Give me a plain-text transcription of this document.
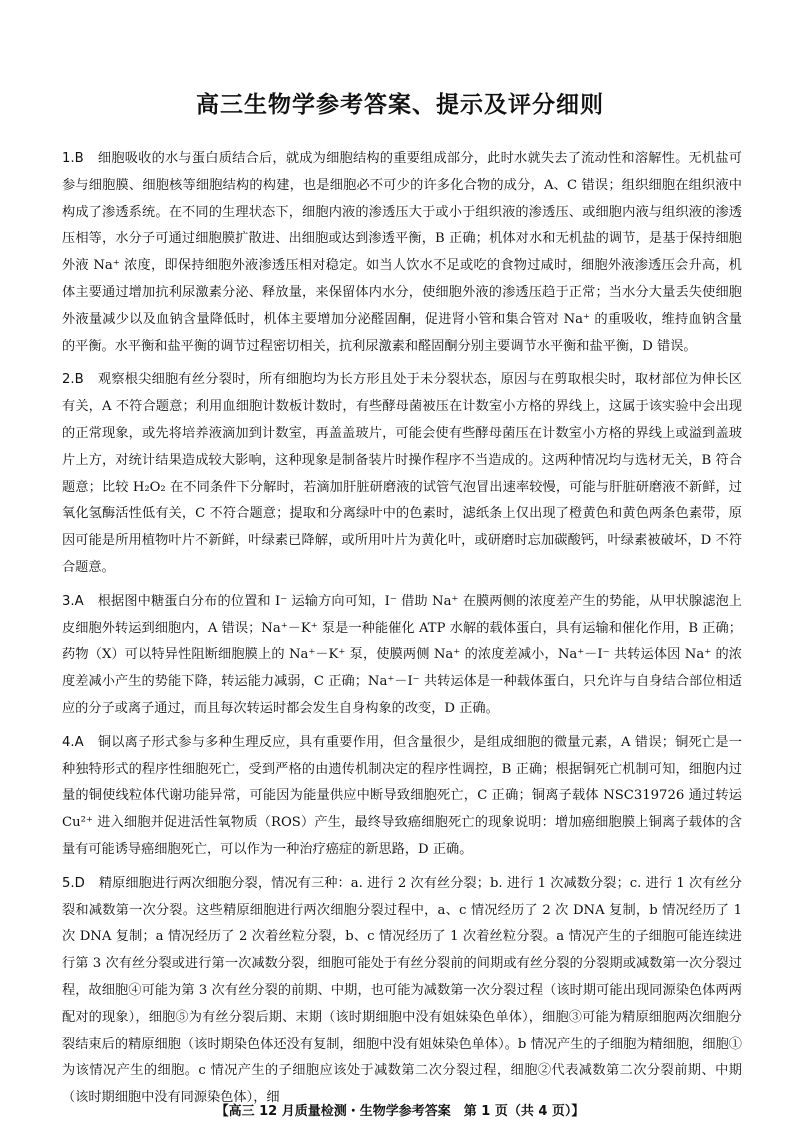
高三生物学参考答案、提示及评分细则

1.B 细胞吸收的水与蛋白质结合后，就成为细胞结构的重要组成部分，此时水就失去了流动性和溶解性。无机盐可参与细胞膜、细胞核等细胞结构的构建，也是细胞必不可少的许多化合物的成分，A、C 错误；组织细胞在组织液中构成了渗透系统。在不同的生理状态下，细胞内液的渗透压大于或小于组织液的渗透压、或细胞内液与组织液的渗透压相等，水分子可通过细胞膜扩散进、出细胞或达到渗透平衡，B 正确；机体对水和无机盐的调节，是基于保持细胞外液 Na⁺ 浓度，即保持细胞外液渗透压相对稳定。如当人饮水不足或吃的食物过咸时，细胞外液渗透压会升高，机体主要通过增加抗利尿激素分泌、释放量，来保留体内水分，使细胞外液的渗透压趋于正常；当水分大量丢失使细胞外液量减少以及血钠含量降低时，机体主要增加分泌醛固酮，促进肾小管和集合管对 Na⁺ 的重吸收，维持血钠含量的平衡。水平衡和盐平衡的调节过程密切相关，抗利尿激素和醛固酮分别主要调节水平衡和盐平衡，D 错误。

2.B 观察根尖细胞有丝分裂时，所有细胞均为长方形且处于未分裂状态，原因与在剪取根尖时，取材部位为伸长区有关，A 不符合题意；利用血细胞计数板计数时，有些酵母菌被压在计数室小方格的界线上，这属于该实验中会出现的正常现象，或先将培养液滴加到计数室，再盖盖玻片，可能会使有些酵母菌压在计数室小方格的界线上或溢到盖玻片上方，对统计结果造成较大影响，这种现象是制备装片时操作程序不当造成的。这两种情况均与选材无关，B 符合题意；比较 H₂O₂ 在不同条件下分解时，若滴加肝脏研磨液的试管气泡冒出速率较慢，可能与肝脏研磨液不新鲜，过氧化氢酶活性低有关，C 不符合题意；提取和分离绿叶中的色素时，滤纸条上仅出现了橙黄色和黄色两条色素带，原因可能是所用植物叶片不新鲜，叶绿素已降解，或所用叶片为黄化叶，或研磨时忘加碳酸钙，叶绿素被破坏，D 不符合题意。

3.A 根据图中糖蛋白分布的位置和 I⁻ 运输方向可知，I⁻ 借助 Na⁺ 在膜两侧的浓度差产生的势能，从甲状腺滤泡上皮细胞外转运到细胞内，A 错误；Na⁺－K⁺ 泵是一种能催化 ATP 水解的载体蛋白，具有运输和催化作用，B 正确；药物（X）可以特异性阻断细胞膜上的 Na⁺－K⁺ 泵，使膜两侧 Na⁺ 的浓度差减小，Na⁺－I⁻ 共转运体因 Na⁺ 的浓度差减小产生的势能下降，转运能力减弱，C 正确；Na⁺－I⁻ 共转运体是一种载体蛋白，只允许与自身结合部位相适应的分子或离子通过，而且每次转运时都会发生自身构象的改变，D 正确。

4.A 铜以离子形式参与多种生理反应，具有重要作用，但含量很少，是组成细胞的微量元素，A 错误；铜死亡是一种独特形式的程序性细胞死亡，受到严格的由遗传机制决定的程序性调控，B 正确；根据铜死亡机制可知，细胞内过量的铜使线粒体代谢功能异常，可能因为能量供应中断导致细胞死亡，C 正确；铜离子载体 NSC319726 通过转运 Cu²⁺ 进入细胞并促进活性氧物质（ROS）产生，最终导致癌细胞死亡的现象说明：增加癌细胞膜上铜离子载体的含量有可能诱导癌细胞死亡，可以作为一种治疗癌症的新思路，D 正确。

5.D 精原细胞进行两次细胞分裂，情况有三种：a. 进行 2 次有丝分裂；b. 进行 1 次减数分裂；c. 进行 1 次有丝分裂和减数第一次分裂。这些精原细胞进行两次细胞分裂过程中，a、c 情况经历了 2 次 DNA 复制，b 情况经历了 1 次 DNA 复制；a 情况经历了 2 次着丝粒分裂，b、c 情况经历了 1 次着丝粒分裂。a 情况产生的子细胞可能连续进行第 3 次有丝分裂或进行第一次减数分裂，细胞可能处于有丝分裂前的间期或有丝分裂的分裂期或减数第一次分裂过程，故细胞④可能为第 3 次有丝分裂的前期、中期，也可能为减数第一次分裂过程（该时期可能出现同源染色体两两配对的现象），细胞⑤为有丝分裂后期、末期（该时期细胞中没有姐妹染色单体），细胞③可能为精原细胞两次细胞分裂结束后的精原细胞（该时期染色体还没有复制，细胞中没有姐妹染色单体）。b 情况产生的子细胞为精细胞，细胞①为该情况产生的细胞。c 情况产生的子细胞应该处于减数第二次分裂过程，细胞②代表减数第二次分裂前期、中期（该时期细胞中没有同源染色体），细

【高三 12 月质量检测・生物学参考答案　第 1 页（共 4 页）】
